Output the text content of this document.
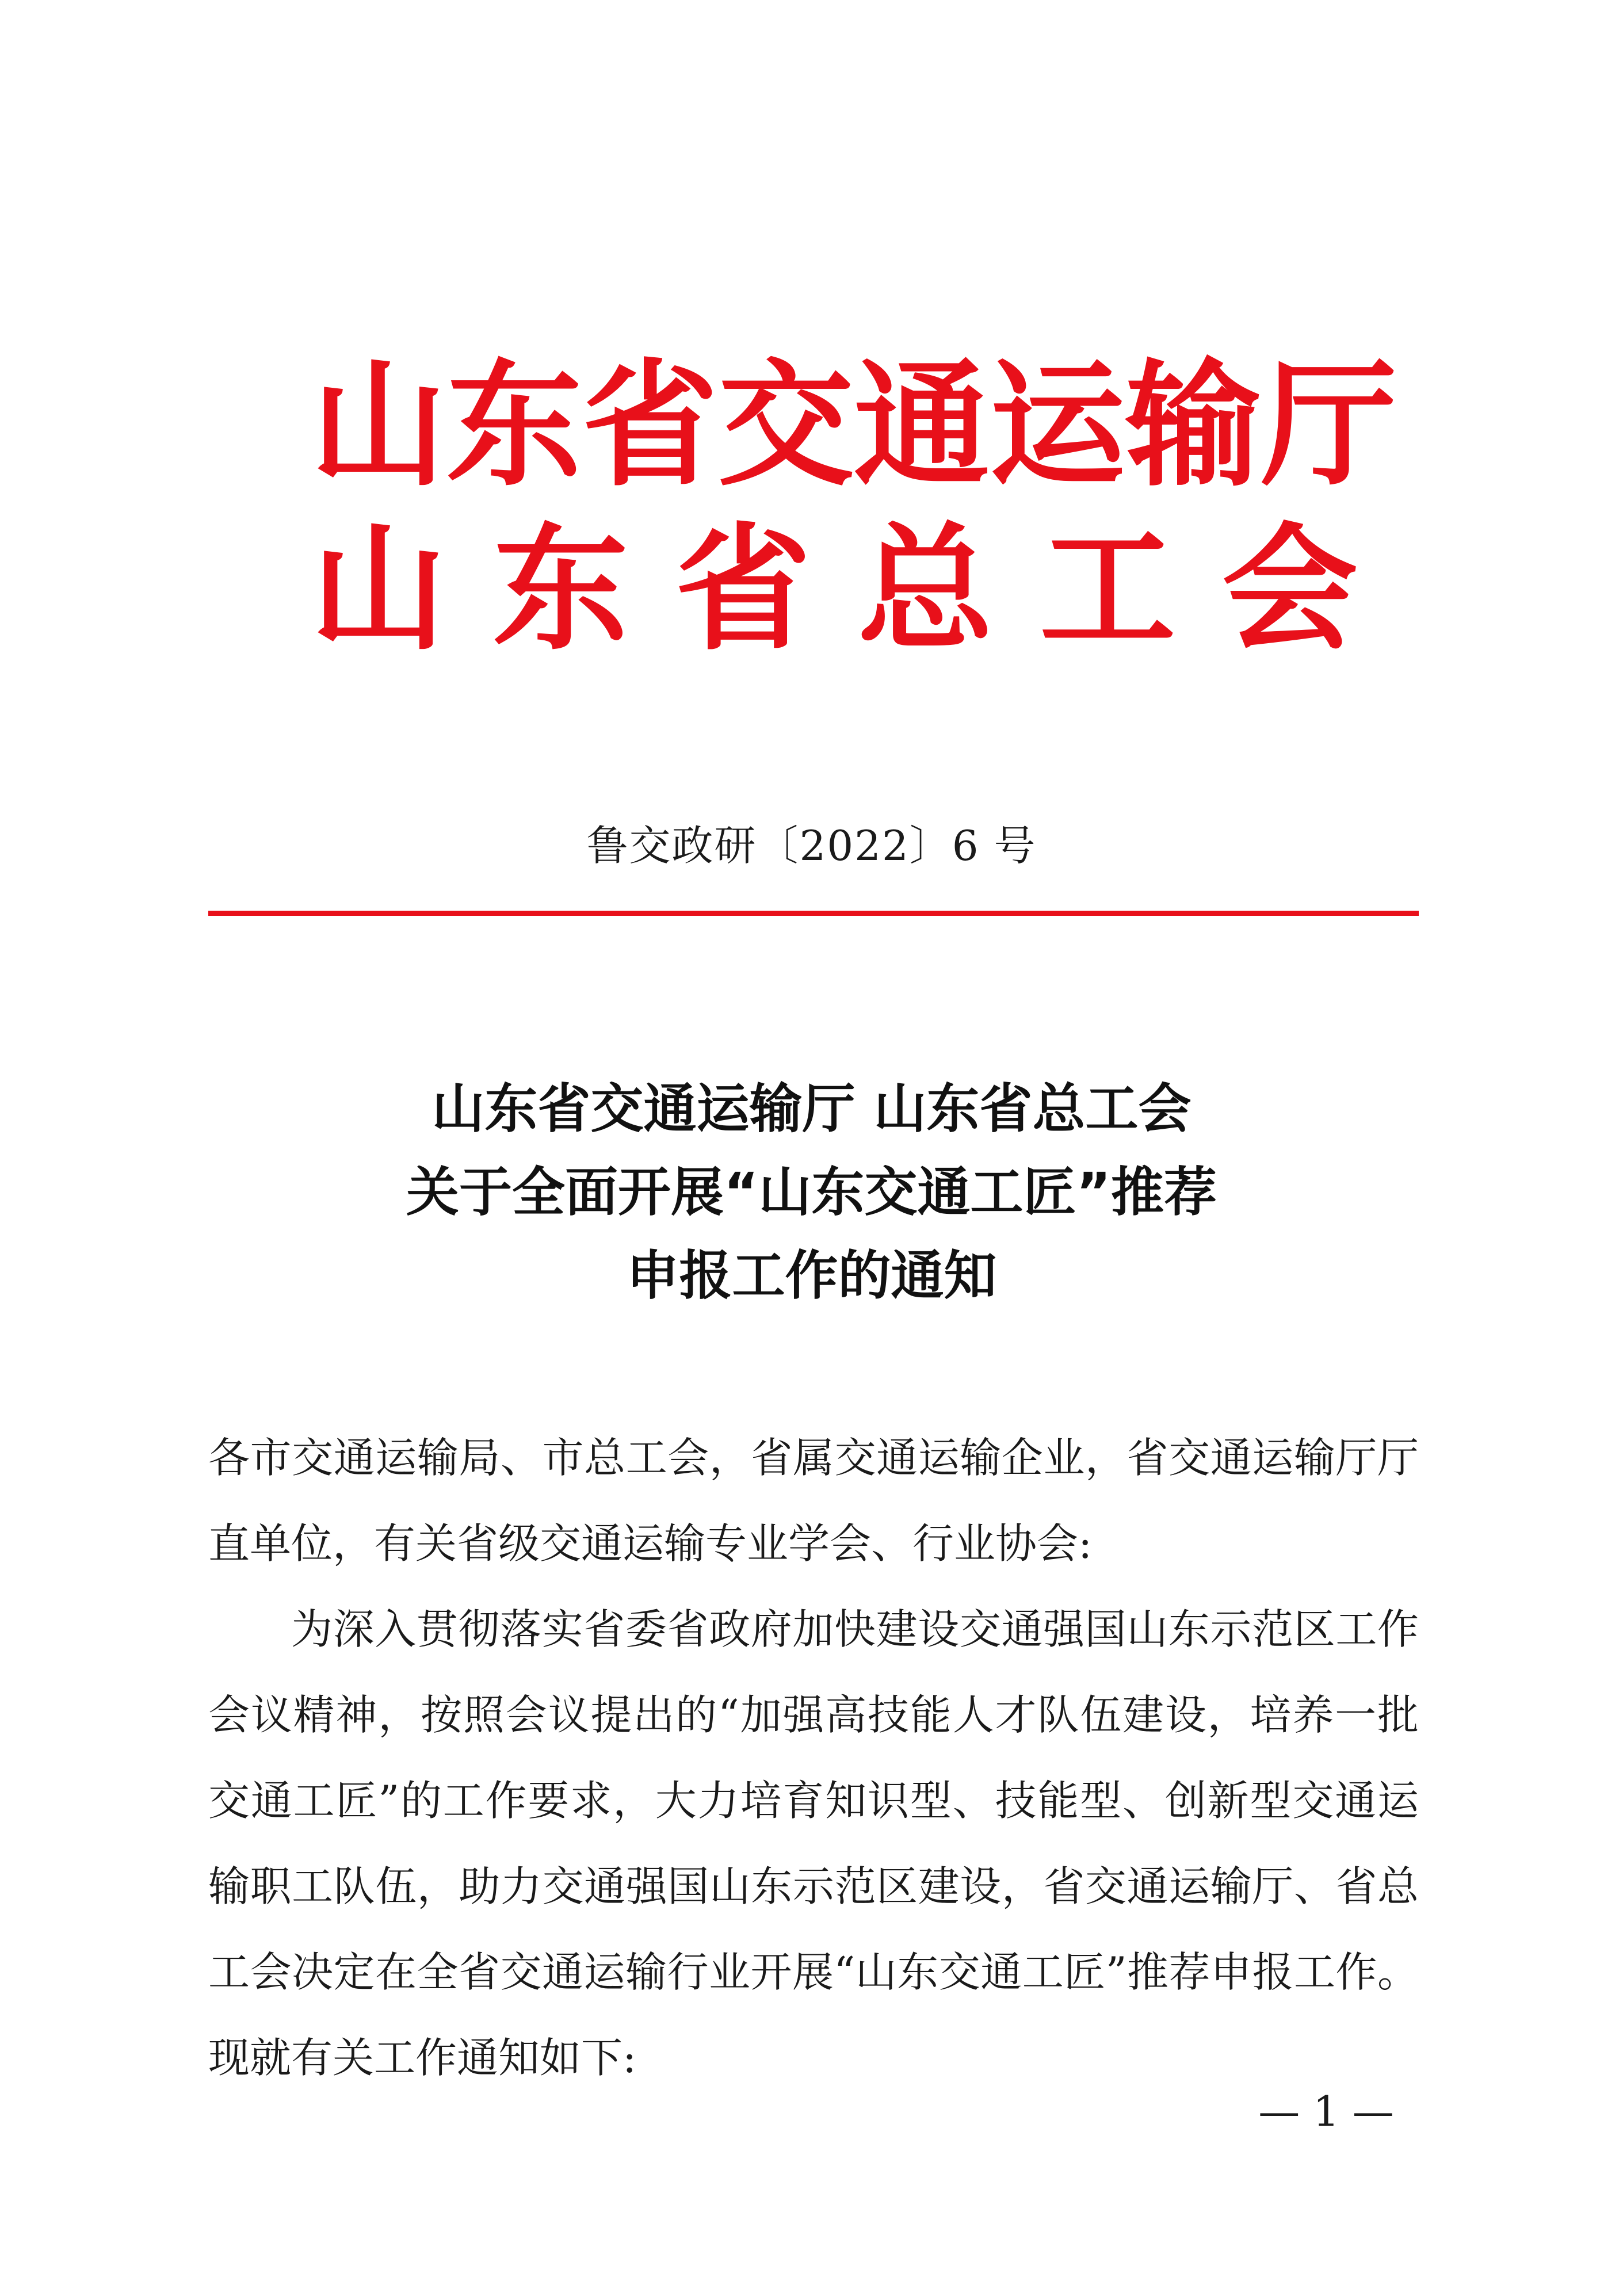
山东省交通运输厅
山东省总工会
鲁交政研〔2022〕6 号
山东省交通运输厅 山东省总工会
关于全面开展“山东交通工匠”推荐
申报工作的通知

各市交通运输局、市总工会，省属交通运输企业，省交通运输厅厅直单位，有关省级交通运输专业学会、行业协会:

为深入贯彻落实省委省政府加快建设交通强国山东示范区工作会议精神，按照会议提出的“加强高技能人才队伍建设，培养一批交通工匠”的工作要求，大力培育知识型、技能型、创新型交通运输职工队伍，助力交通强国山东示范区建设，省交通运输厅、省总工会决定在全省交通运输行业开展“山东交通工匠”推荐申报工作。现就有关工作通知如下:

— 1 —
